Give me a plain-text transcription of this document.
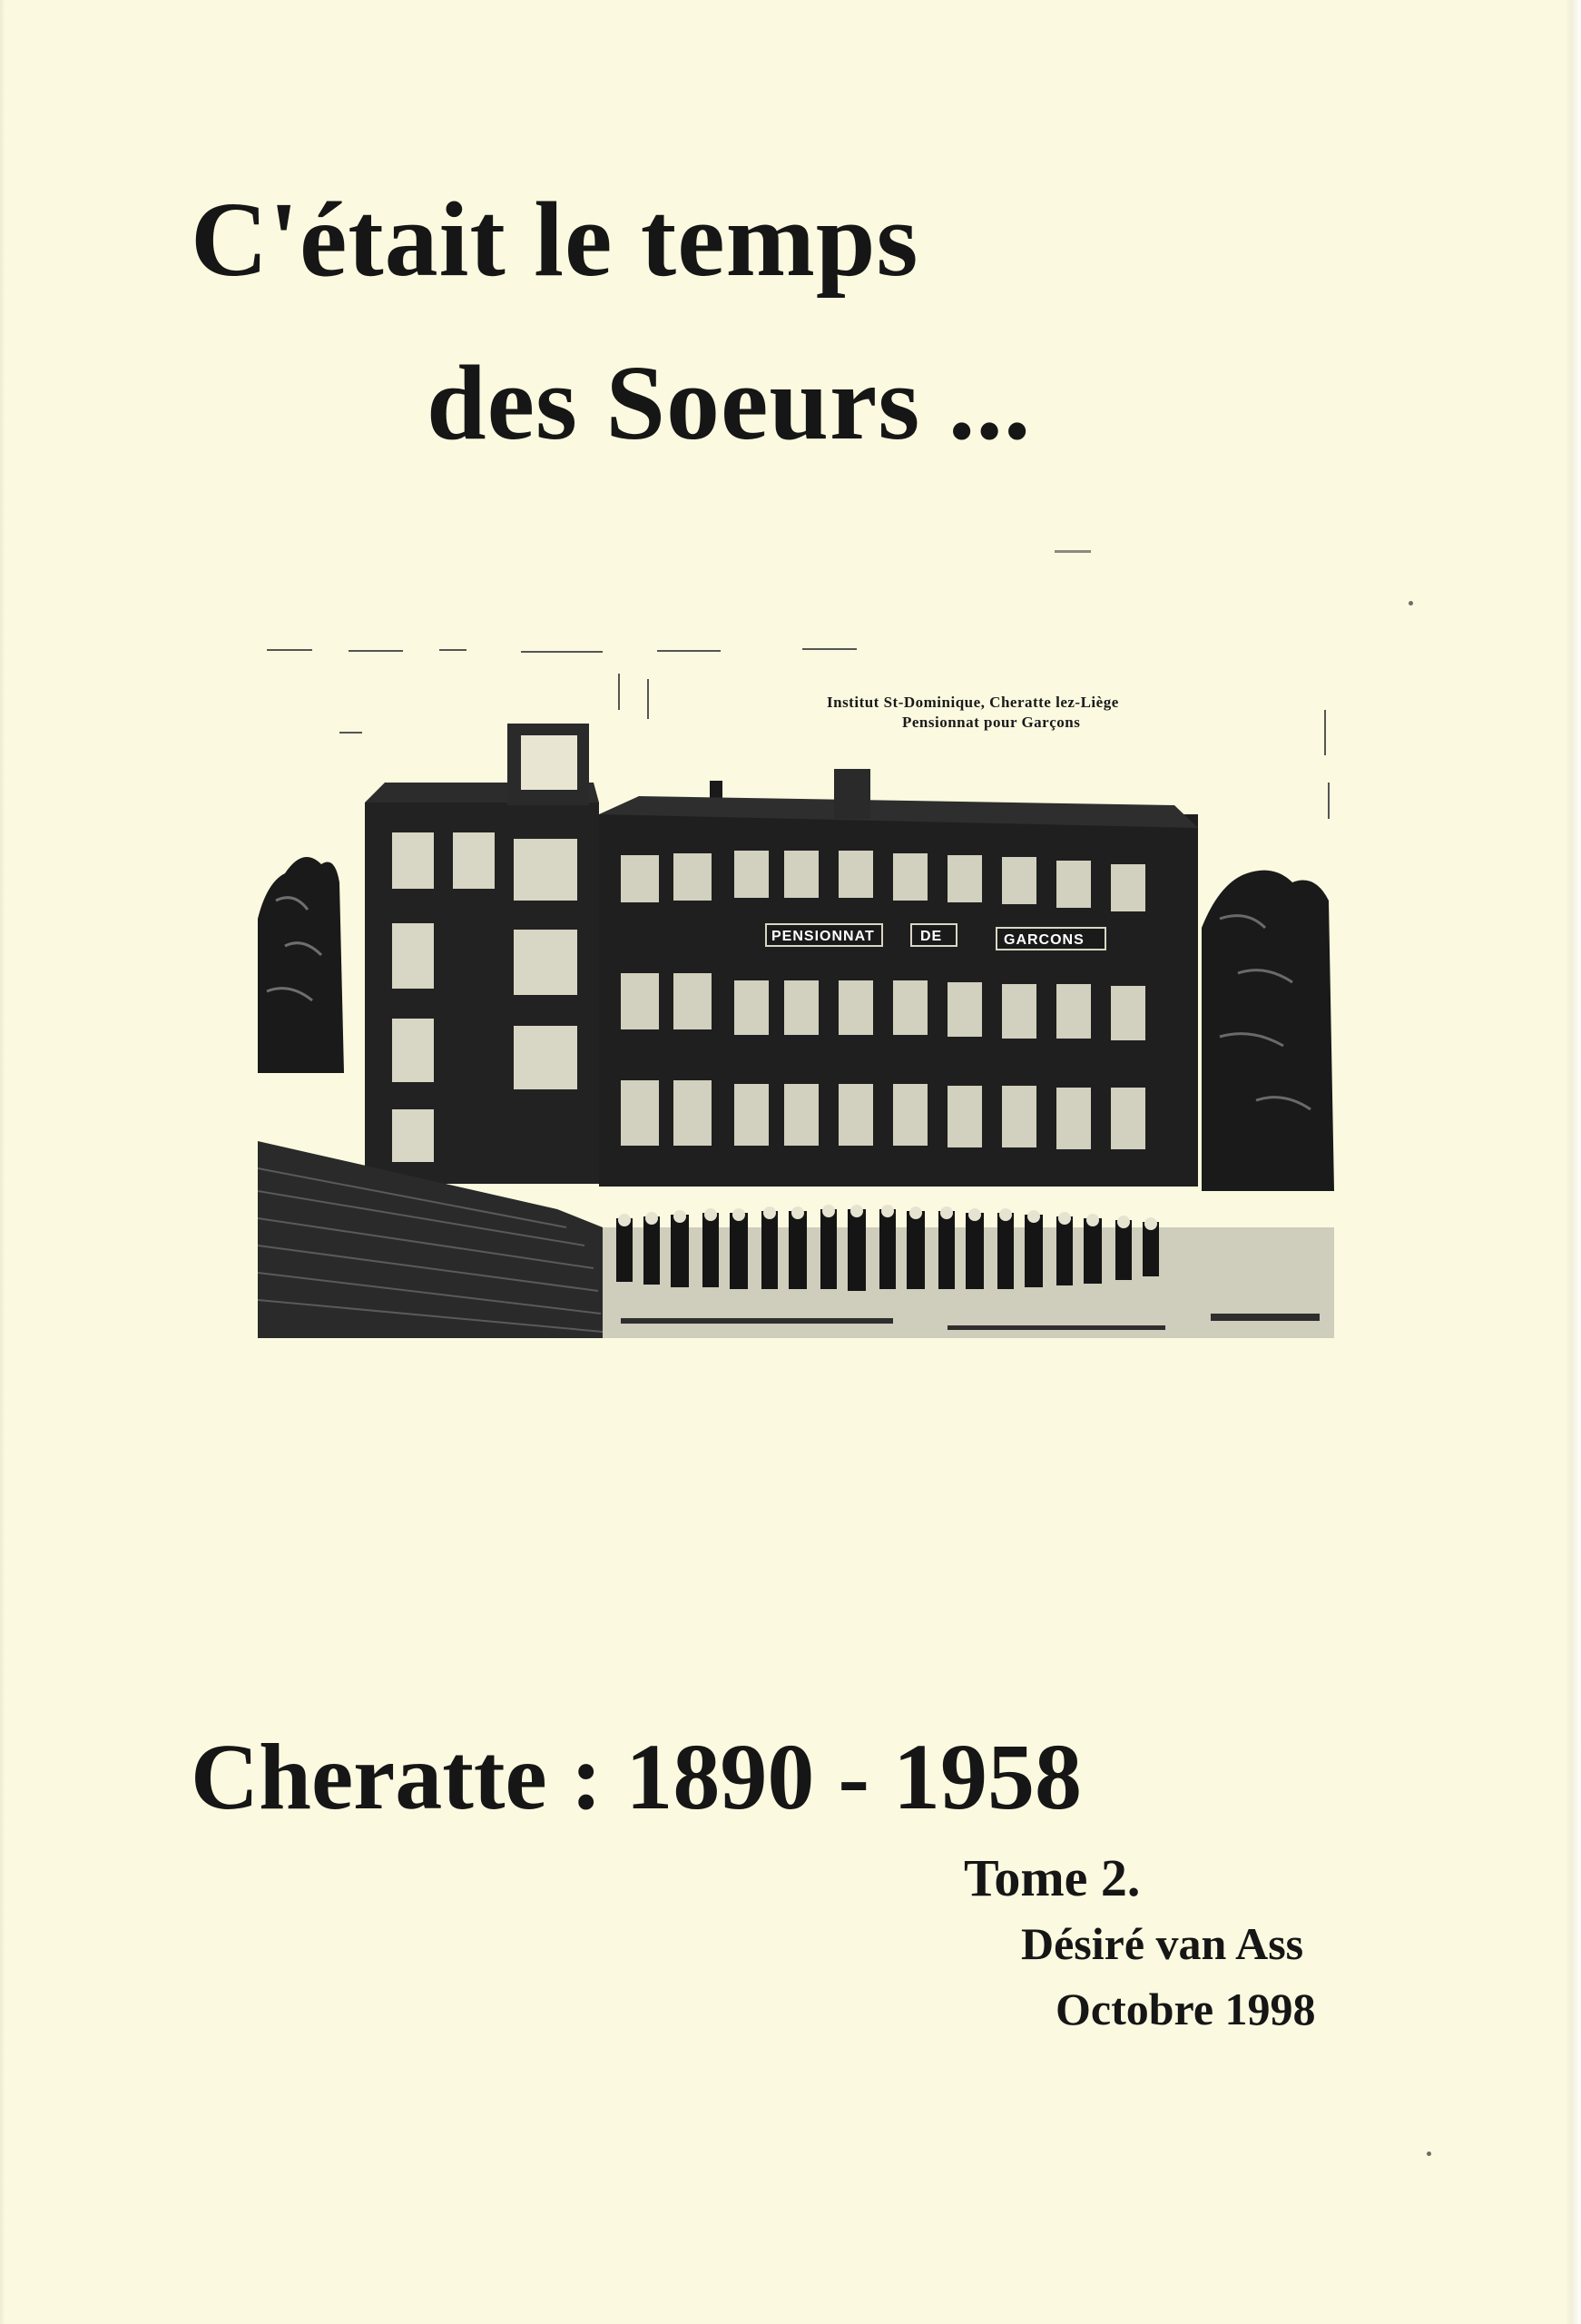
C'était le temps
des Soeurs ...
PENSIONNAT	DE	GARCONS
Institut St-Dominique, Cheratte lez-Liège
Pensionnat pour Garçons
Cheratte : 1890 - 1958
Tome 2.
Désiré van Ass
Octobre 1998
